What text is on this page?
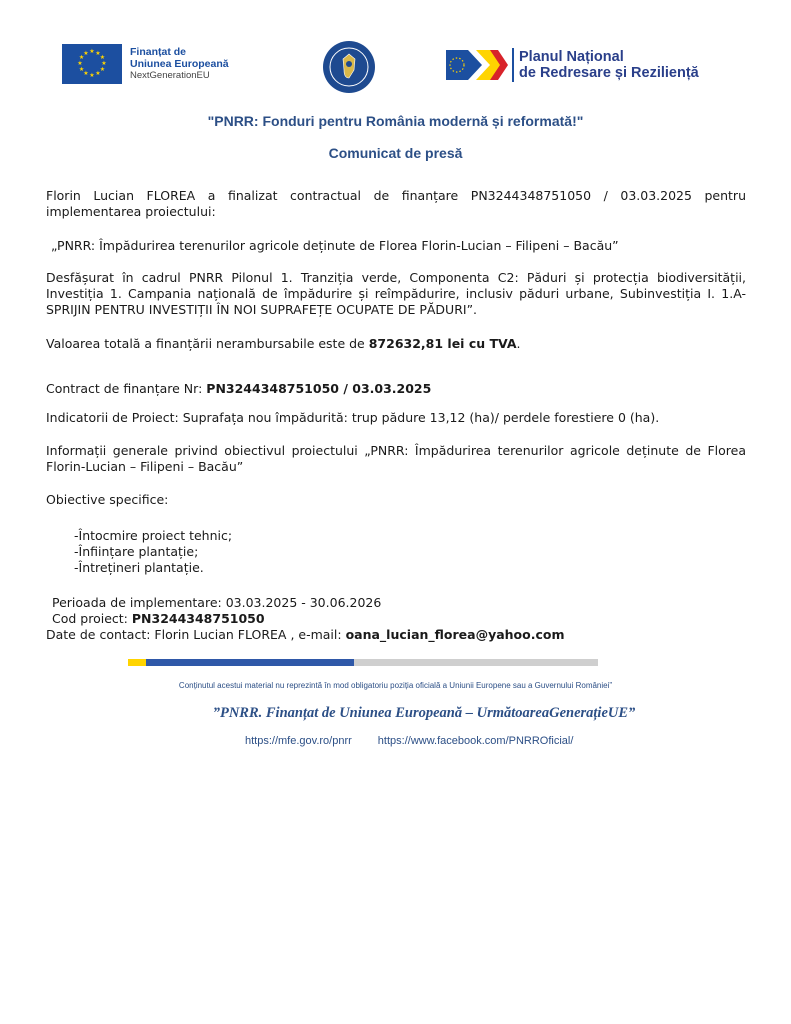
★
★
★
★
★
★
★
★
★ ★ ★
★ Finanțat de
Uniunea Europeană
NextGenerationEU
Planul Național
de Redresare și Reziliență
"PNRR: Fonduri pentru România modernă și reformată!"
Comunicat de presă

Florin Lucian FLOREA a finalizat contractual de finanțare PN3244348751050 / 03.03.2025 pentru implementarea proiectului:

„PNRR: Împădurirea terenurilor agricole deținute de Florea Florin-Lucian – Filipeni – Bacău”

Desfășurat în cadrul PNRR Pilonul 1. Tranziția verde, Componenta C2: Păduri și protecția biodiversității, Investiția 1. Campania națională de împădurire și reîmpădurire, inclusiv păduri urbane, Subinvestiția I. 1.A- SPRIJIN PENTRU INVESTIȚII ÎN NOI SUPRAFEȚE OCUPATE DE PĂDURI”.

Valoarea totală a finanțării nerambursabile este de 872632,81 lei cu TVA.

Contract de finanțare Nr: PN3244348751050 / 03.03.2025

Indicatorii de Proiect: Suprafața nou împădurită: trup pădure 13,12 (ha)/ perdele forestiere 0 (ha).

Informații generale privind obiectivul proiectului „PNRR: Împădurirea terenurilor agricole deținute de Florea Florin-Lucian – Filipeni – Bacău”

Obiective specifice:

-Întocmire proiect tehnic;
-Înființare plantație;
-Întrețineri plantație.

Perioada de implementare: 03.03.2025 - 30.06.2026

Cod proiect: PN3244348751050

Date de contact: Florin Lucian FLOREA , e-mail: oana_lucian_florea@yahoo.com

Conținutul acestui material nu reprezintă în mod obligatoriu poziția oficială a Uniunii Europene sau a Guvernului României”
”PNRR. Finanțat de Uniunea Europeană – UrmătoareaGenerațieUE”
https://mfe.gov.ro/pnrr https://www.facebook.com/PNRROficial/
